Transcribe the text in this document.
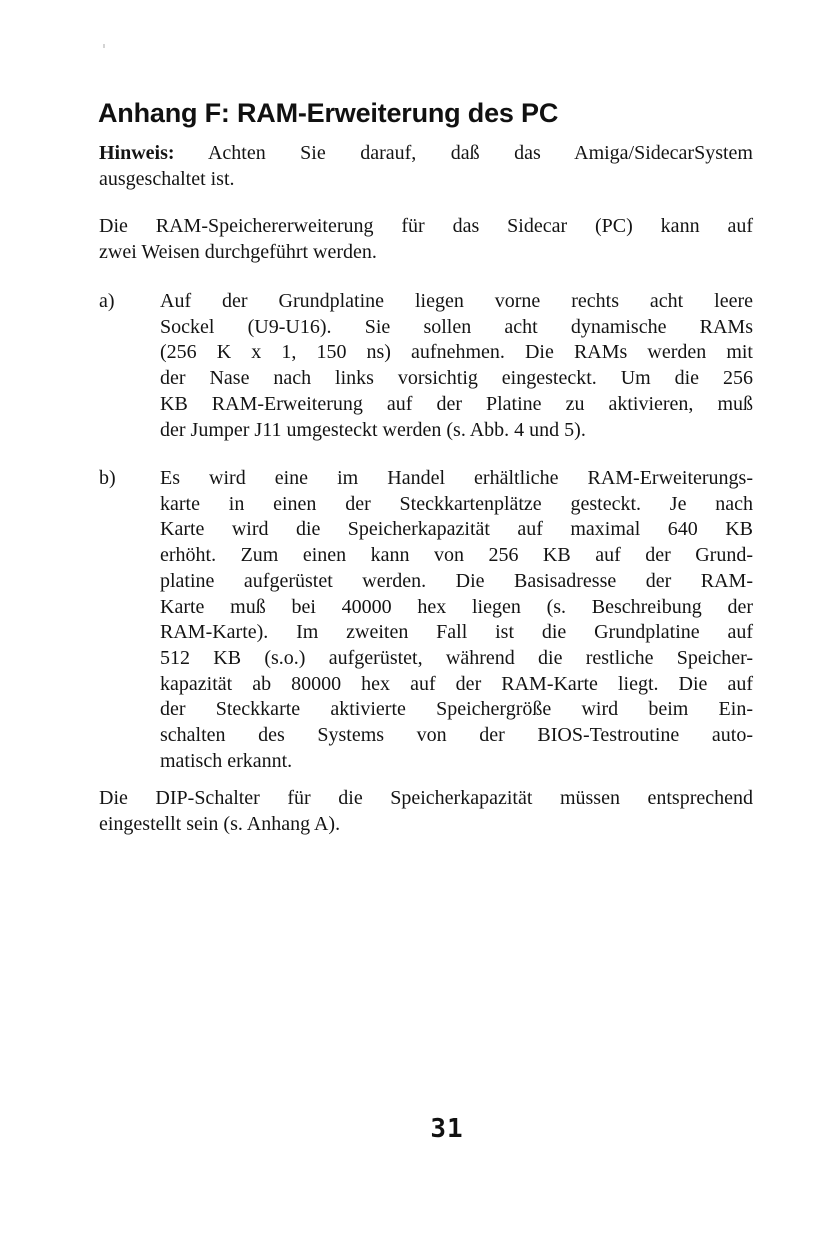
Anhang F: RAM-Erweiterung des PC
Hinweis: Achten Sie darauf, daß das Amiga/SidecarSystem
ausgeschaltet ist.
Die RAM-Speichererweiterung für das Sidecar (PC) kann auf
zwei Weisen durchgeführt werden.
a)	Auf der Grundplatine liegen vorne rechts acht leere
Sockel (U9-U16). Sie sollen acht dynamische RAMs
(256 K x 1, 150 ns) aufnehmen. Die RAMs werden mit
der Nase nach links vorsichtig eingesteckt. Um die 256
KB RAM-Erweiterung auf der Platine zu aktivieren, muß
der Jumper J11 umgesteckt werden (s. Abb. 4 und 5).
b)	Es wird eine im Handel erhältliche RAM-Erweiterungs-
karte in einen der Steckkartenplätze gesteckt. Je nach
Karte wird die Speicherkapazität auf maximal 640 KB
erhöht. Zum einen kann von 256 KB auf der Grund-
platine aufgerüstet werden. Die Basisadresse der RAM-
Karte muß bei 40000 hex liegen (s. Beschreibung der
RAM-Karte). Im zweiten Fall ist die Grundplatine auf
512 KB (s.o.) aufgerüstet, während die restliche Speicher-
kapazität ab 80000 hex auf der RAM-Karte liegt. Die auf
der Steckkarte aktivierte Speichergröße wird beim Ein-
schalten des Systems von der BIOS-Testroutine auto-
matisch erkannt.
Die DIP-Schalter für die Speicherkapazität müssen entsprechend
eingestellt sein (s. Anhang A).
31
